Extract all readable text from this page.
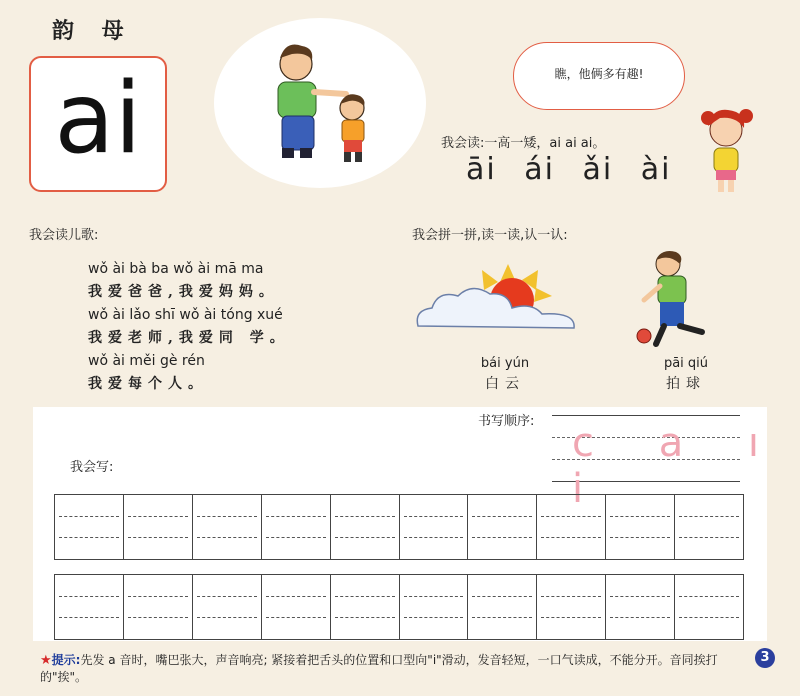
韵 母
ai	瞧，他俩多有趣!
我会读:一高一矮，ai ai ai。
āi ái ǎi ài
我会读儿歌:
wǒ ài bà ba wǒ ài mā ma
我爱爸爸,我爱妈妈。
wǒ ài lǎo shī wǒ ài tóng xué
我爱老师,我爱同 学。
wǒ ài měi gè rén
我爱每个人。
我会拼一拼,读一读,认一认:
bái yún
白云
pāi qiú
拍球
书写顺序: c a ı i
我会写:
★提示:先发 a 音时，嘴巴张大，声音响亮; 紧接着把舌头的位置和口型向"i"滑动，发音轻短，一口气读成，不能分开。音同挨打的"挨"。
3
